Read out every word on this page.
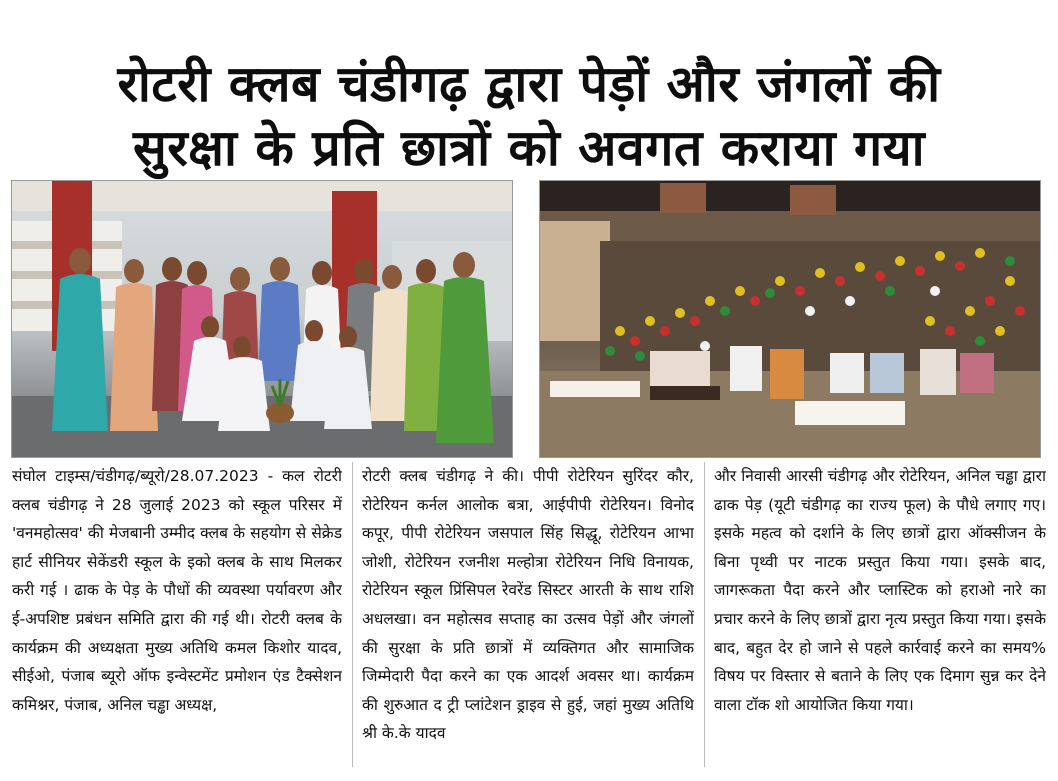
रोटरी क्लब चंडीगढ़ द्वारा पेड़ों और जंगलों की
सुरक्षा के प्रति छात्रों को अवगत कराया गया
संघोल टाइम्स/चंडीगढ़/ब्यूरो/28.07.2023 - कल रोटरी क्लब चंडीगढ़ ने 28 जुलाई 2023 को स्कूल परिसर में 'वनमहोत्सव' की मेजबानी उम्मीद क्लब के सहयोग से सेक्रेड हार्ट सीनियर सेकेंडरी स्कूल के इको क्लब के साथ मिलकर करी गई । ढाक के पेड़ के पौधों की व्यवस्था पर्यावरण और ई-अपशिष्ट प्रबंधन समिति द्वारा की गई थी। रोटरी क्लब के कार्यक्रम की अध्यक्षता मुख्य अतिथि कमल किशोर यादव, सीईओ, पंजाब ब्यूरो ऑफ इन्वेस्टमेंट प्रमोशन एंड टैक्सेशन कमिश्नर, पंजाब, अनिल चड्ढा अध्यक्ष,
रोटरी क्लब चंडीगढ़ ने की। पीपी रोटेरियन सुरिंदर कौर, रोटेरियन कर्नल आलोक बत्रा, आईपीपी रोटेरियन। विनोद कपूर, पीपी रोटेरियन जसपाल सिंह सिद्धू, रोटेरियन आभा जोशी, रोटेरियन रजनीश मल्होत्रा रोटेरियन निधि विनायक, रोटेरियन स्कूल प्रिंसिपल रेवरेंड सिस्टर आरती के साथ राशि अधलखा। वन महोत्सव सप्ताह का उत्सव पेड़ों और जंगलों की सुरक्षा के प्रति छात्रों में व्यक्तिगत और सामाजिक जिम्मेदारी पैदा करने का एक आदर्श अवसर था। कार्यक्रम की शुरुआत द ट्री प्लांटेशन ड्राइव से हुई, जहां मुख्य अतिथि श्री के.के यादव
और निवासी आरसी चंडीगढ़ और रोटेरियन, अनिल चड्ढा द्वारा ढाक पेड़ (यूटी चंडीगढ़ का राज्य फूल) के पौधे लगाए गए। इसके महत्व को दर्शाने के लिए छात्रों द्वारा ऑक्सीजन के बिना पृथ्वी पर नाटक प्रस्तुत किया गया। इसके बाद, जागरूकता पैदा करने और प्लास्टिक को हराओ नारे का प्रचार करने के लिए छात्रों द्वारा नृत्य प्रस्तुत किया गया। इसके बाद, बहुत देर हो जाने से पहले कार्रवाई करने का समय% विषय पर विस्तार से बताने के लिए एक दिमाग सुन्न कर देने वाला टॉक शो आयोजित किया गया।
